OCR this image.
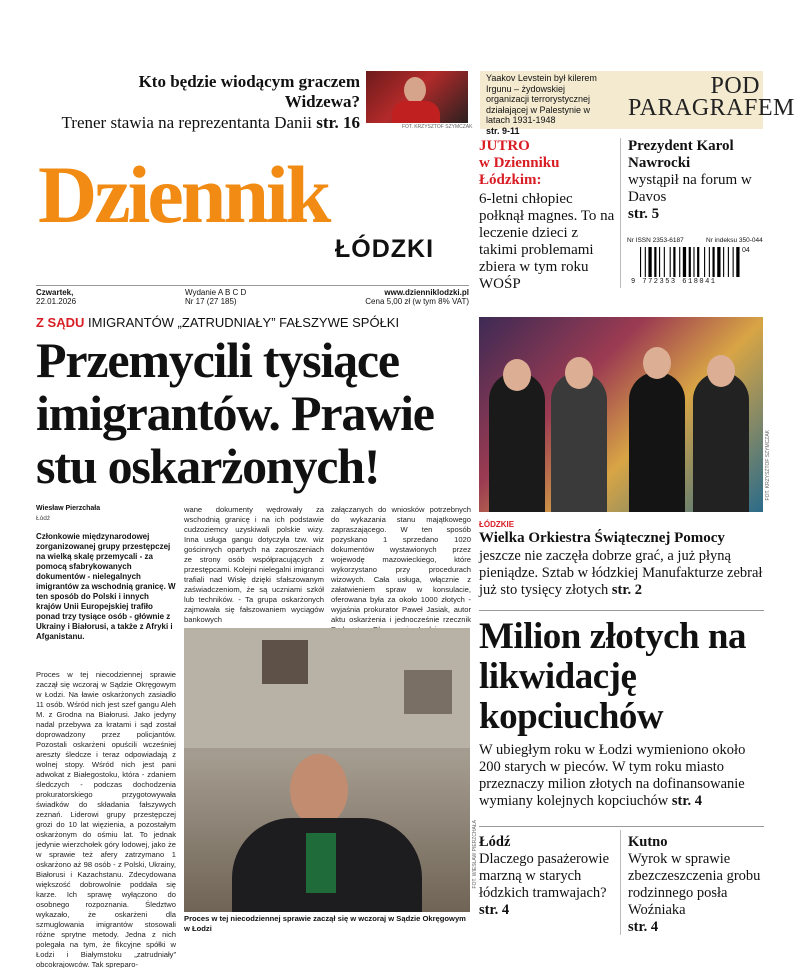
Kto będzie wiodącym graczem Widzewa?
Trener stawia na reprezentanta Danii str. 16	FOT. KRZYSZTOF SZYMCZAK
Yaakov Levstein był kilerem Irgunu – żydowskiej organizacji terrorystycznej działającej w Palestynie w latach 1931-1948
str. 9-11
POD
PARAGRAFEM
Dziennik
ŁÓDZKI
JUTRO
w Dzienniku
Łódzkim:
6-letni chłopiec połknął magnes. To na leczenie dzieci z takimi problemami zbiera w tym roku WOŚP
Prezydent Karol Nawrocki
wystąpił na forum w Davos
str. 5
Nr ISSN 2353-6187	Nr indeksu 350-044
9 772353 618041
04
Czwartek,
22.01.2026
Wydanie A B C D
Nr 17 (27 185)
www.dzienniklodzki.pl
Cena 5,00 zł (w tym 8% VAT)
Z SĄDU IMIGRANTÓW „ZATRUDNIAŁY” FAŁSZYWE SPÓŁKI
Przemycili tysiące imigrantów. Prawie stu oskarżonych!
Wiesław Pierzchała
Łódź
Członkowie międzynarodowej zorganizowanej grupy przestępczej na wielką skalę przemycali - za pomocą sfabrykowanych dokumentów - nielegalnych imigrantów za wschodnią granicę. W ten sposób do Polski i innych krajów Unii Europejskiej trafiło ponad trzy tysiące osób - głównie z Ukrainy i Białorusi, a także z Afryki i Afganistanu.
Proces w tej niecodziennej sprawie zaczął się wczoraj w Sądzie Okręgowym w Łodzi. Na ławie oskarżonych zasiadło 11 osób. Wśród nich jest szef gangu Aleh M. z Grodna na Białorusi. Jako jedyny nadal przebywa za kratami i sąd został doprowadzony przez policjantów. Pozostali oskarżeni opuścili wcześniej areszty śledcze i teraz odpowiadają z wolnej stopy. Wśród nich jest pani adwokat z Białegostoku, która - zdaniem śledczych - podczas dochodzenia prokuratorskiego przygotowywała świadków do składania fałszywych zeznań. Liderowi grupy przestępczej grozi do 10 lat więzienia, a pozostałym oskarżonym do ośmiu lat. To jednak jedynie wierzchołek góry lodowej, jako że w sprawie też afery zatrzymano 1 oskarżono aż 98 osób - z Polski, Ukrainy, Białorusi i Kazachstanu. Zdecydowana większość dobrowolnie poddała się karze. Ich sprawę wyłączono do osobnego rozpoznania. Śledztwo wykazało, że oskarżeni dla szmuglowania imigrantów stosowali różne sprytne metody. Jedna z nich polegała na tym, że fikcyjne spółki w Łodzi i Białymstoku „zatrudniały” obcokrajowców. Tak spreparo-
wane dokumenty wędrowały za wschodnią granicę i na ich podstawie cudzoziemcy uzyskiwali polskie wizy. Inna usługa gangu dotyczyła tzw. wiz gościnnych opartych na zaproszeniach ze strony osób współpracujących z przestępcami. Kolejni nielegalni imigranci trafiali nad Wisłę dzięki sfałszowanym zaświadczeniom, że są uczniami szkół lub techników. - Ta grupa oskarżonych zajmowała się fałszowaniem wyciągów bankowych
załączanych do wniosków potrzebnych do wykazania stanu majątkowego zapraszającego. W ten sposób pozyskano 1 sprzedano 1020 dokumentów wystawionych przez wojewodę mazowieckiego, które wykorzystano przy procedurach wizowych. Cała usługa, włącznie z załatwieniem spraw w konsulacie, oferowana była za około 1000 złotych - wyjaśnia prokurator Paweł Jasiak, autor aktu oskarżenia i jednocześnie rzecznik
FOT. WIESŁAW PIERZCHAŁA
Proces w tej niecodziennej sprawie zaczął się w wczoraj w Sądzie Okręgowym w Łodzi
FOT. KRZYSZTOF SZYMCZAK
ŁÓDZKIE
Wielka Orkiestra Świątecznej Pomocy
jeszcze nie zaczęła dobrze grać, a już płyną pieniądze. Sztab w łódzkiej Manufakturze zebrał już sto tysięcy złotych str. 2
Milion złotych na likwidację kopciuchów
W ubiegłym roku w Łodzi wymieniono około 200 starych w pieców. W tym roku miasto przeznaczy milion złotych na dofinansowanie wymiany kolejnych kopciuchów str. 4
Łódź
Dlaczego pasażerowie marzną w starych łódzkich tramwajach?
str. 4
Kutno
Wyrok w sprawie zbezczeszczenia grobu rodzinnego posła Woźniaka
str. 4
